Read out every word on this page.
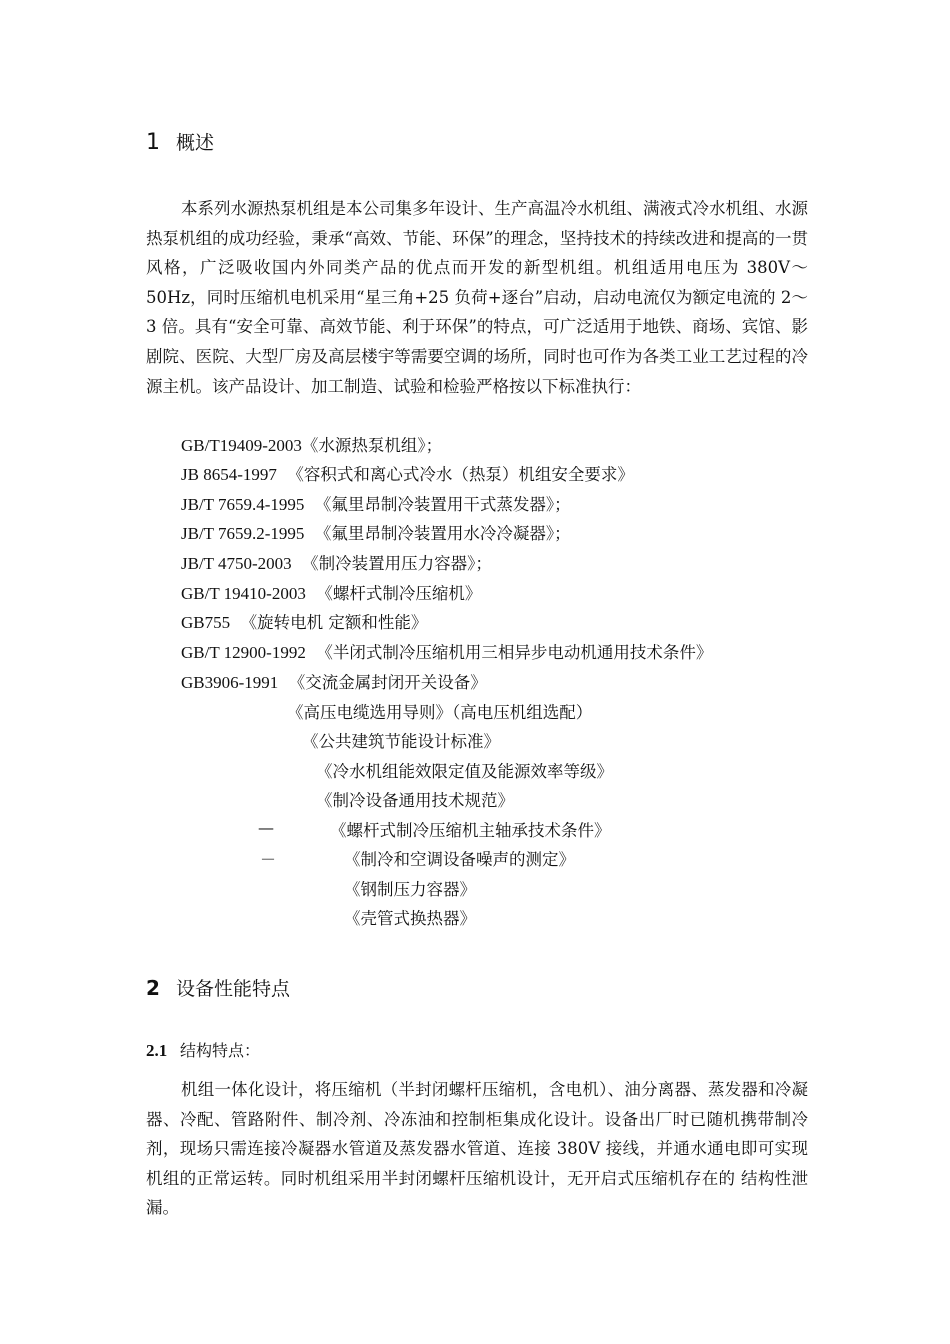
1 概述

本系列水源热泵机组是本公司集多年设计、生产高温冷水机组、满液式冷水机组、水源热泵机组的成功经验，秉承“高效、节能、环保”的理念，坚持技术的持续改进和提高的一贯风格，广泛吸收国内外同类产品的优点而开发的新型机组。机组适用电压为 380V～50Hz，同时压缩机电机采用“星三角+25 负荷+逐台”启动，启动电流仅为额定电流的 2～3 倍。具有“安全可靠、高效节能、利于环保”的特点，可广泛适用于地铁、商场、宾馆、影剧院、医院、大型厂房及高层楼宇等需要空调的场所，同时也可作为各类工业工艺过程的冷源主机。该产品设计、加工制造、试验和检验严格按以下标准执行：

GB/T19409-2003《水源热泵机组》；
JB 8654-1997 《容积式和离心式冷水（热泵）机组安全要求》
JB/T 7659.4-1995 《氟里昂制冷装置用干式蒸发器》；
JB/T 7659.2-1995 《氟里昂制冷装置用水冷冷凝器》；
JB/T 4750-2003 《制冷装置用压力容器》；
GB/T 19410-2003 《螺杆式制冷压缩机》
GB755 《旋转电机 定额和性能》
GB/T 12900-1992 《半闭式制冷压缩机用三相异步电动机通用技术条件》
GB3906-1991 《交流金属封闭开关设备》
《高压电缆选用导则》（高电压机组选配）
《公共建筑节能设计标准》
《冷水机组能效限定值及能源效率等级》
《制冷设备通用技术规范》
—	《螺杆式制冷压缩机主轴承技术条件》
－	《制冷和空调设备噪声的测定》
《钢制压力容器》
《壳管式换热器》
2 设备性能特点
2.1 结构特点：

机组一体化设计，将压缩机（半封闭螺杆压缩机，含电机）、油分离器、蒸发器和冷凝器、冷配、管路附件、制冷剂、冷冻油和控制柜集成化设计。设备出厂时已随机携带制冷剂，现场只需连接冷凝器水管道及蒸发器水管道、连接 380V 接线，并通水通电即可实现机组的正常运转。同时机组采用半封闭螺杆压缩机设计，无开启式压缩机存在的 结构性泄漏。
